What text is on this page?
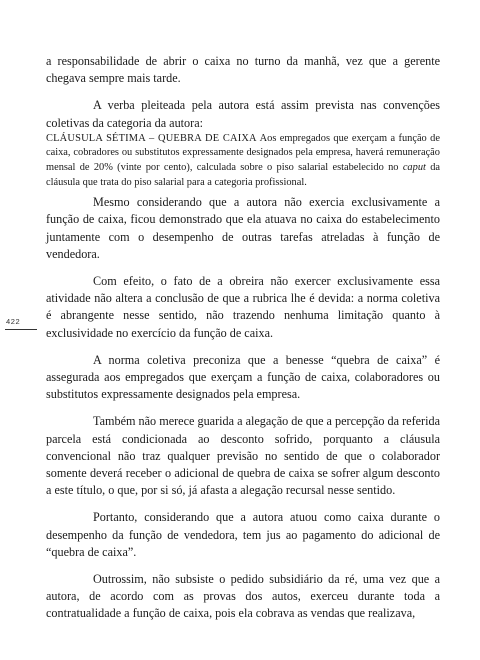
422

a responsabilidade de abrir o caixa no turno da manhã, vez que a gerente chegava sempre mais tarde.

A verba pleiteada pela autora está assim prevista nas convenções coletivas da categoria da autora:

CLÁUSULA SÉTIMA – QUEBRA DE CAIXA Aos empregados que exerçam a função de caixa, cobradores ou substitutos expressamente designados pela empresa, haverá remuneração mensal de 20% (vinte por cento), calculada sobre o piso salarial estabelecido no caput da cláusula que trata do piso salarial para a categoria profissional.

Mesmo considerando que a autora não exercia exclusivamente a função de caixa, ficou demonstrado que ela atuava no caixa do estabelecimento juntamente com o desempenho de outras tarefas atreladas à função de vendedora.

Com efeito, o fato de a obreira não exercer exclusivamente essa atividade não altera a conclusão de que a rubrica lhe é devida: a norma coletiva é abrangente nesse sentido, não trazendo nenhuma limitação quanto à exclusividade no exercício da função de caixa.

A norma coletiva preconiza que a benesse “quebra de caixa” é assegurada aos empregados que exerçam a função de caixa, colaboradores ou substitutos expressamente designados pela empresa.

Também não merece guarida a alegação de que a percepção da referida parcela está condicionada ao desconto sofrido, porquanto a cláusula convencional não traz qualquer previsão no sentido de que o colaborador somente deverá receber o adicional de quebra de caixa se sofrer algum desconto a este título, o que, por si só, já afasta a alegação recursal nesse sentido.

Portanto, considerando que a autora atuou como caixa durante o desempenho da função de vendedora, tem jus ao pagamento do adicional de “quebra de caixa”.

Outrossim, não subsiste o pedido subsidiário da ré, uma vez que a autora, de acordo com as provas dos autos, exerceu durante toda a contratualidade a função de caixa, pois ela cobrava as vendas que realizava,
